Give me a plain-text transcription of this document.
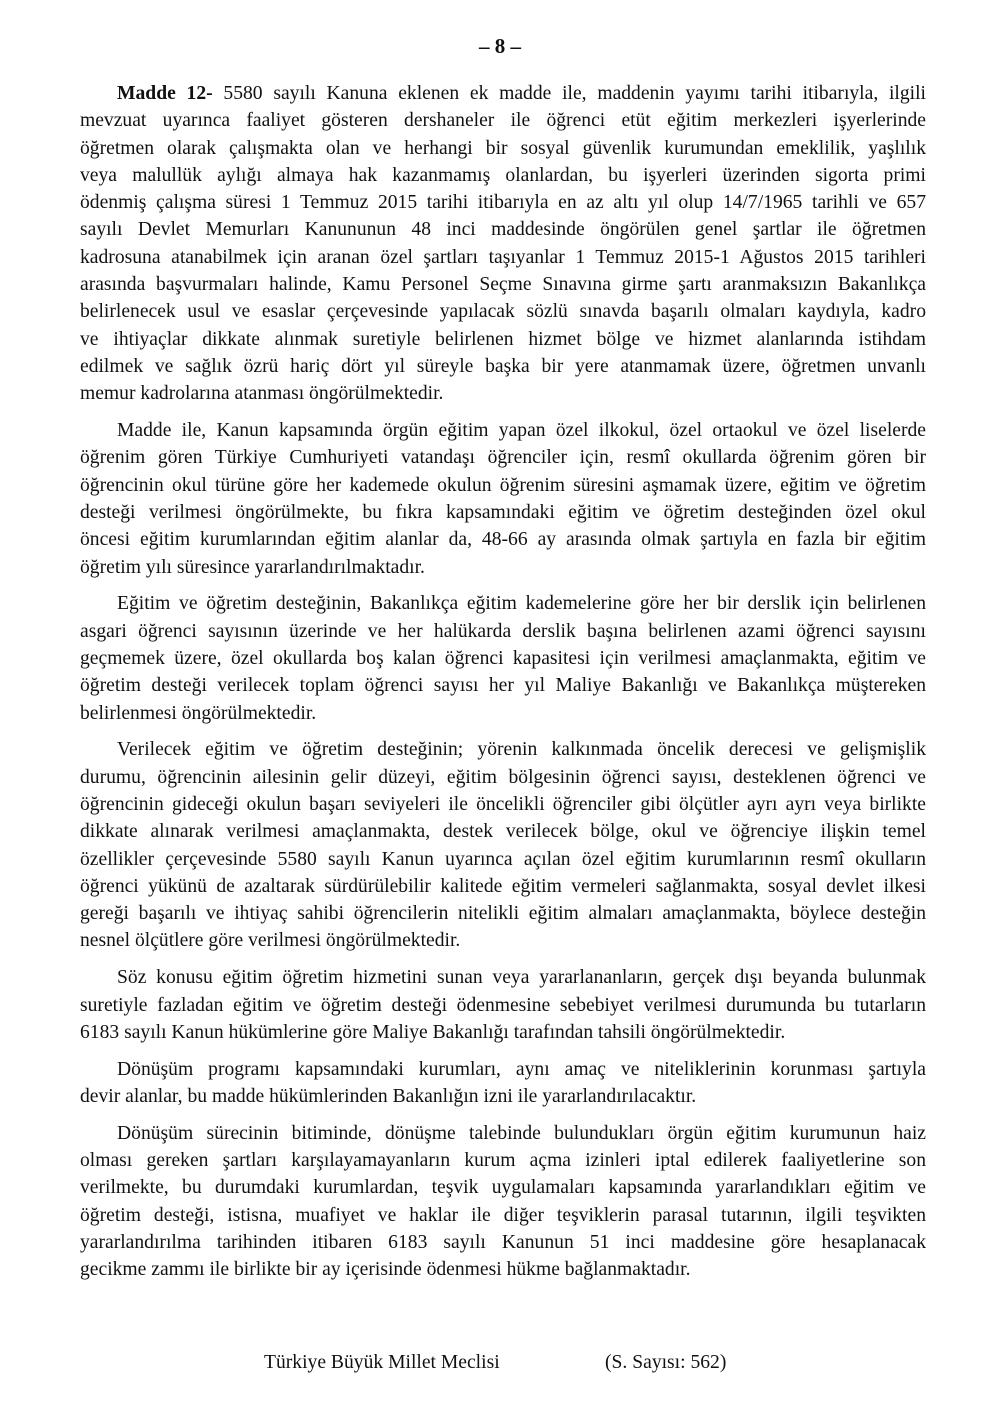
– 8 –
Madde 12- 5580 sayılı Kanuna eklenen ek madde ile, maddenin yayımı tarihi itibarıyla, ilgili
mevzuat uyarınca faaliyet gösteren dershaneler ile öğrenci etüt eğitim merkezleri işyerlerinde
öğretmen olarak çalışmakta olan ve herhangi bir sosyal güvenlik kurumundan emeklilik, yaşlılık
veya malullük aylığı almaya hak kazanmamış olanlardan, bu işyerleri üzerinden sigorta primi
ödenmiş çalışma süresi 1 Temmuz 2015 tarihi itibarıyla en az altı yıl olup 14/7/1965 tarihli ve 657
sayılı Devlet Memurları Kanununun 48 inci maddesinde öngörülen genel şartlar ile öğretmen
kadrosuna atanabilmek için aranan özel şartları taşıyanlar 1 Temmuz 2015-1 Ağustos 2015 tarihleri
arasında başvurmaları halinde, Kamu Personel Seçme Sınavına girme şartı aranmaksızın Bakanlıkça
belirlenecek usul ve esaslar çerçevesinde yapılacak sözlü sınavda başarılı olmaları kaydıyla, kadro
ve ihtiyaçlar dikkate alınmak suretiyle belirlenen hizmet bölge ve hizmet alanlarında istihdam
edilmek ve sağlık özrü hariç dört yıl süreyle başka bir yere atanmamak üzere, öğretmen unvanlı
memur kadrolarına atanması öngörülmektedir.
Madde ile, Kanun kapsamında örgün eğitim yapan özel ilkokul, özel ortaokul ve özel liselerde
öğrenim gören Türkiye Cumhuriyeti vatandaşı öğrenciler için, resmî okullarda öğrenim gören bir
öğrencinin okul türüne göre her kademede okulun öğrenim süresini aşmamak üzere, eğitim ve öğretim
desteği verilmesi öngörülmekte, bu fıkra kapsamındaki eğitim ve öğretim desteğinden özel okul
öncesi eğitim kurumlarından eğitim alanlar da, 48-66 ay arasında olmak şartıyla en fazla bir eğitim
öğretim yılı süresince yararlandırılmaktadır.
Eğitim ve öğretim desteğinin, Bakanlıkça eğitim kademelerine göre her bir derslik için belirlenen
asgari öğrenci sayısının üzerinde ve her halükarda derslik başına belirlenen azami öğrenci sayısını
geçmemek üzere, özel okullarda boş kalan öğrenci kapasitesi için verilmesi amaçlanmakta, eğitim ve
öğretim desteği verilecek toplam öğrenci sayısı her yıl Maliye Bakanlığı ve Bakanlıkça müştereken
belirlenmesi öngörülmektedir.
Verilecek eğitim ve öğretim desteğinin; yörenin kalkınmada öncelik derecesi ve gelişmişlik
durumu, öğrencinin ailesinin gelir düzeyi, eğitim bölgesinin öğrenci sayısı, desteklenen öğrenci ve
öğrencinin gideceği okulun başarı seviyeleri ile öncelikli öğrenciler gibi ölçütler ayrı ayrı veya birlikte
dikkate alınarak verilmesi amaçlanmakta, destek verilecek bölge, okul ve öğrenciye ilişkin temel
özellikler çerçevesinde 5580 sayılı Kanun uyarınca açılan özel eğitim kurumlarının resmî okulların
öğrenci yükünü de azaltarak sürdürülebilir kalitede eğitim vermeleri sağlanmakta, sosyal devlet ilkesi
gereği başarılı ve ihtiyaç sahibi öğrencilerin nitelikli eğitim almaları amaçlanmakta, böylece desteğin
nesnel ölçütlere göre verilmesi öngörülmektedir.
Söz konusu eğitim öğretim hizmetini sunan veya yararlananların, gerçek dışı beyanda bulunmak
suretiyle fazladan eğitim ve öğretim desteği ödenmesine sebebiyet verilmesi durumunda bu tutarların
6183 sayılı Kanun hükümlerine göre Maliye Bakanlığı tarafından tahsili öngörülmektedir.
Dönüşüm programı kapsamındaki kurumları, aynı amaç ve niteliklerinin korunması şartıyla
devir alanlar, bu madde hükümlerinden Bakanlığın izni ile yararlandırılacaktır.
Dönüşüm sürecinin bitiminde, dönüşme talebinde bulundukları örgün eğitim kurumunun haiz
olması gereken şartları karşılayamayanların kurum açma izinleri iptal edilerek faaliyetlerine son
verilmekte, bu durumdaki kurumlardan, teşvik uygulamaları kapsamında yararlandıkları eğitim ve
öğretim desteği, istisna, muafiyet ve haklar ile diğer teşviklerin parasal tutarının, ilgili teşvikten
yararlandırılma tarihinden itibaren 6183 sayılı Kanunun 51 inci maddesine göre hesaplanacak
gecikme zammı ile birlikte bir ay içerisinde ödenmesi hükme bağlanmaktadır.
Türkiye Büyük Millet Meclisi	(S. Sayısı: 562)
